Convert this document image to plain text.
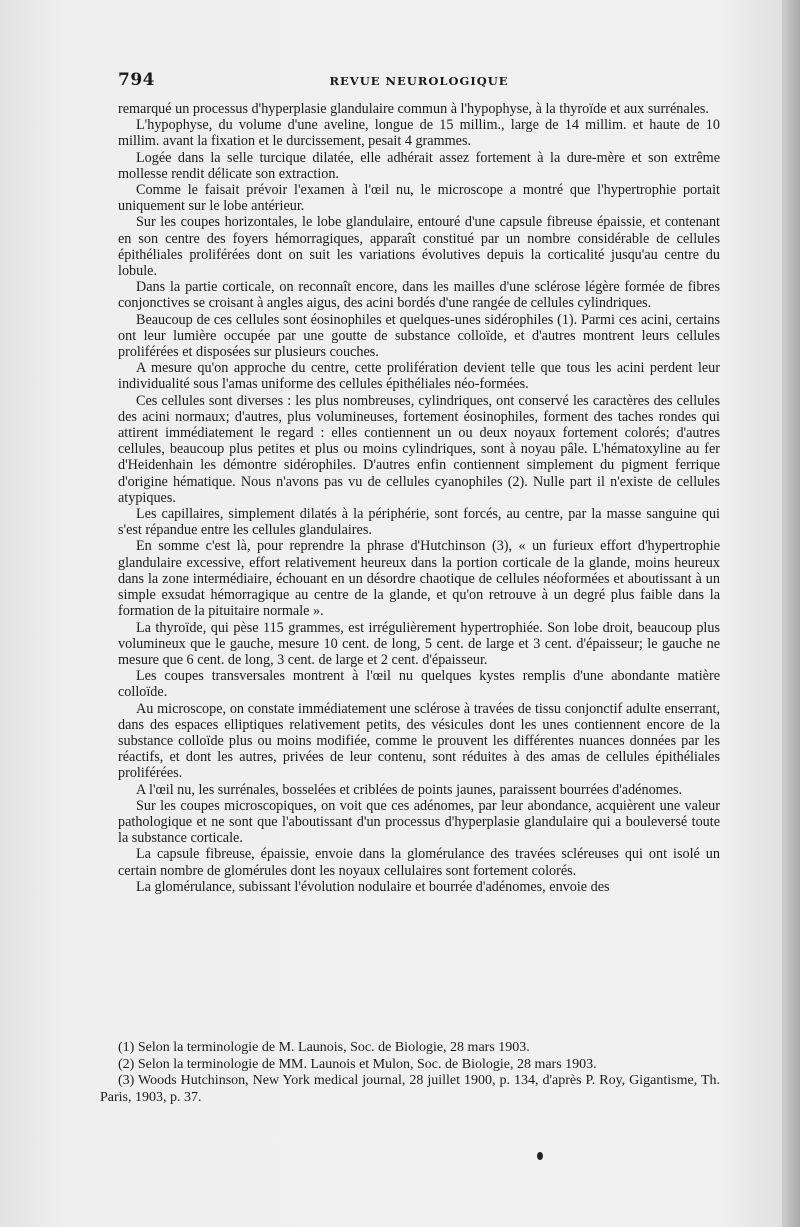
794	REVUE NEUROLOGIQUE

remarqué un processus d'hyperplasie glandulaire commun à l'hypophyse, à la thyroïde et aux surrénales.

L'hypophyse, du volume d'une aveline, longue de 15 millim., large de 14 millim. et haute de 10 millim. avant la fixation et le durcissement, pesait 4 grammes.

Logée dans la selle turcique dilatée, elle adhérait assez fortement à la dure-mère et son extrême mollesse rendit délicate son extraction.

Comme le faisait prévoir l'examen à l'œil nu, le microscope a montré que l'hypertrophie portait uniquement sur le lobe antérieur.

Sur les coupes horizontales, le lobe glandulaire, entouré d'une capsule fibreuse épaissie, et contenant en son centre des foyers hémorragiques, apparaît constitué par un nombre considérable de cellules épithéliales proliférées dont on suit les variations évolutives depuis la corticalité jusqu'au centre du lobule.

Dans la partie corticale, on reconnaît encore, dans les mailles d'une sclérose légère formée de fibres conjonctives se croisant à angles aigus, des acini bordés d'une rangée de cellules cylindriques.

Beaucoup de ces cellules sont éosinophiles et quelques-unes sidérophiles (1). Parmi ces acini, certains ont leur lumière occupée par une goutte de substance colloïde, et d'autres montrent leurs cellules proliférées et disposées sur plusieurs couches.

A mesure qu'on approche du centre, cette prolifération devient telle que tous les acini perdent leur individualité sous l'amas uniforme des cellules épithéliales néo-formées.

Ces cellules sont diverses : les plus nombreuses, cylindriques, ont conservé les caractères des cellules des acini normaux; d'autres, plus volumineuses, fortement éosinophiles, forment des taches rondes qui attirent immédiatement le regard : elles contiennent un ou deux noyaux fortement colorés; d'autres cellules, beaucoup plus petites et plus ou moins cylindriques, sont à noyau pâle. L'hématoxyline au fer d'Heidenhain les démontre sidérophiles. D'autres enfin contiennent simplement du pigment ferrique d'origine hématique. Nous n'avons pas vu de cellules cyanophiles (2). Nulle part il n'existe de cellules atypiques.

Les capillaires, simplement dilatés à la périphérie, sont forcés, au centre, par la masse sanguine qui s'est répandue entre les cellules glandulaires.

En somme c'est là, pour reprendre la phrase d'Hutchinson (3), « un furieux effort d'hypertrophie glandulaire excessive, effort relativement heureux dans la portion corticale de la glande, moins heureux dans la zone intermédiaire, échouant en un désordre chaotique de cellules néoformées et aboutissant à un simple exsudat hémorragique au centre de la glande, et qu'on retrouve à un degré plus faible dans la formation de la pituitaire normale ».

La thyroïde, qui pèse 115 grammes, est irrégulièrement hypertrophiée. Son lobe droit, beaucoup plus volumineux que le gauche, mesure 10 cent. de long, 5 cent. de large et 3 cent. d'épaisseur; le gauche ne mesure que 6 cent. de long, 3 cent. de large et 2 cent. d'épaisseur.

Les coupes transversales montrent à l'œil nu quelques kystes remplis d'une abondante matière colloïde.

Au microscope, on constate immédiatement une sclérose à travées de tissu conjonctif adulte enserrant, dans des espaces elliptiques relativement petits, des vésicules dont les unes contiennent encore de la substance colloïde plus ou moins modifiée, comme le prouvent les différentes nuances données par les réactifs, et dont les autres, privées de leur contenu, sont réduites à des amas de cellules épithéliales proliférées.

A l'œil nu, les surrénales, bosselées et criblées de points jaunes, paraissent bourrées d'adénomes.

Sur les coupes microscopiques, on voit que ces adénomes, par leur abondance, acquièrent une valeur pathologique et ne sont que l'aboutissant d'un processus d'hyperplasie glandulaire qui a bouleversé toute la substance corticale.

La capsule fibreuse, épaissie, envoie dans la glomérulance des travées scléreuses qui ont isolé un certain nombre de glomérules dont les noyaux cellulaires sont fortement colorés.

La glomérulance, subissant l'évolution nodulaire et bourrée d'adénomes, envoie des

(1) Selon la terminologie de M. Launois, Soc. de Biologie, 28 mars 1903.

(2) Selon la terminologie de MM. Launois et Mulon, Soc. de Biologie, 28 mars 1903.

(3) Woods Hutchinson, New York medical journal, 28 juillet 1900, p. 134, d'après P. Roy, Gigantisme, Th. Paris, 1903, p. 37.
